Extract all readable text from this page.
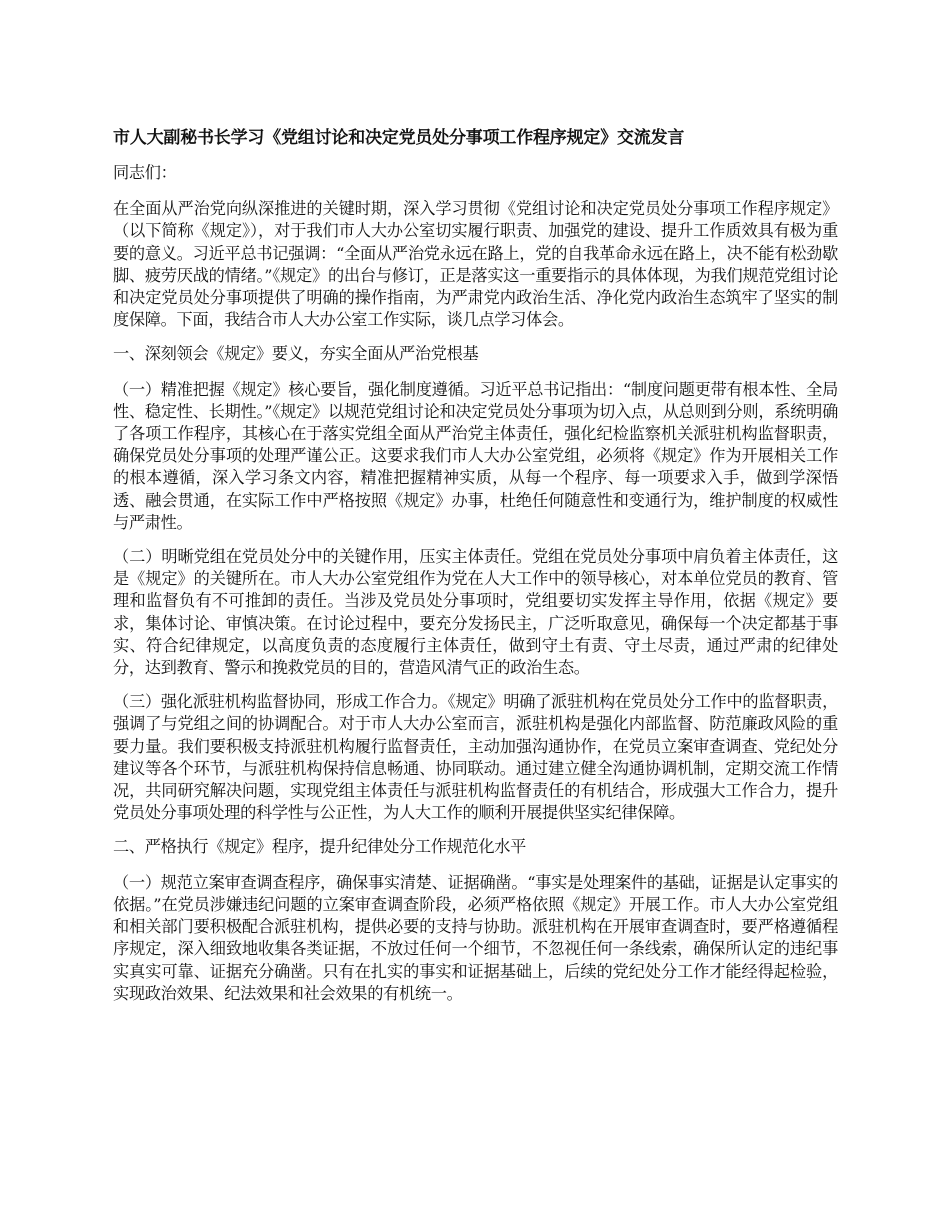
市人大副秘书长学习《党组讨论和决定党员处分事项工作程序规定》交流发言

同志们：

在全面从严治党向纵深推进的关键时期，深入学习贯彻《党组讨论和决定党员处分事项工作程序规定》（以下简称《规定》），对于我们市人大办公室切实履行职责、加强党的建设、提升工作质效具有极为重要的意义。习近平总书记强调：“全面从严治党永远在路上，党的自我革命永远在路上，决不能有松劲歇脚、疲劳厌战的情绪。”《规定》的出台与修订，正是落实这一重要指示的具体体现，为我们规范党组讨论和决定党员处分事项提供了明确的操作指南，为严肃党内政治生活、净化党内政治生态筑牢了坚实的制度保障。下面，我结合市人大办公室工作实际，谈几点学习体会。

一、深刻领会《规定》要义，夯实全面从严治党根基

（一）精准把握《规定》核心要旨，强化制度遵循。习近平总书记指出：“制度问题更带有根本性、全局性、稳定性、长期性。”《规定》以规范党组讨论和决定党员处分事项为切入点，从总则到分则，系统明确了各项工作程序，其核心在于落实党组全面从严治党主体责任，强化纪检监察机关派驻机构监督职责，确保党员处分事项的处理严谨公正。这要求我们市人大办公室党组，必须将《规定》作为开展相关工作的根本遵循，深入学习条文内容，精准把握精神实质，从每一个程序、每一项要求入手，做到学深悟透、融会贯通，在实际工作中严格按照《规定》办事，杜绝任何随意性和变通行为，维护制度的权威性与严肃性。

（二）明晰党组在党员处分中的关键作用，压实主体责任。党组在党员处分事项中肩负着主体责任，这是《规定》的关键所在。市人大办公室党组作为党在人大工作中的领导核心，对本单位党员的教育、管理和监督负有不可推卸的责任。当涉及党员处分事项时，党组要切实发挥主导作用，依据《规定》要求，集体讨论、审慎决策。在讨论过程中，要充分发扬民主，广泛听取意见，确保每一个决定都基于事实、符合纪律规定，以高度负责的态度履行主体责任，做到守土有责、守土尽责，通过严肃的纪律处分，达到教育、警示和挽救党员的目的，营造风清气正的政治生态。

（三）强化派驻机构监督协同，形成工作合力。《规定》明确了派驻机构在党员处分工作中的监督职责，强调了与党组之间的协调配合。对于市人大办公室而言，派驻机构是强化内部监督、防范廉政风险的重要力量。我们要积极支持派驻机构履行监督责任，主动加强沟通协作，在党员立案审查调查、党纪处分建议等各个环节，与派驻机构保持信息畅通、协同联动。通过建立健全沟通协调机制，定期交流工作情况，共同研究解决问题，实现党组主体责任与派驻机构监督责任的有机结合，形成强大工作合力，提升党员处分事项处理的科学性与公正性，为人大工作的顺利开展提供坚实纪律保障。

二、严格执行《规定》程序，提升纪律处分工作规范化水平

（一）规范立案审查调查程序，确保事实清楚、证据确凿。“事实是处理案件的基础，证据是认定事实的依据。”在党员涉嫌违纪问题的立案审查调查阶段，必须严格依照《规定》开展工作。市人大办公室党组和相关部门要积极配合派驻机构，提供必要的支持与协助。派驻机构在开展审查调查时，要严格遵循程序规定，深入细致地收集各类证据，不放过任何一个细节，不忽视任何一条线索，确保所认定的违纪事实真实可靠、证据充分确凿。只有在扎实的事实和证据基础上，后续的党纪处分工作才能经得起检验，实现政治效果、纪法效果和社会效果的有机统一。
